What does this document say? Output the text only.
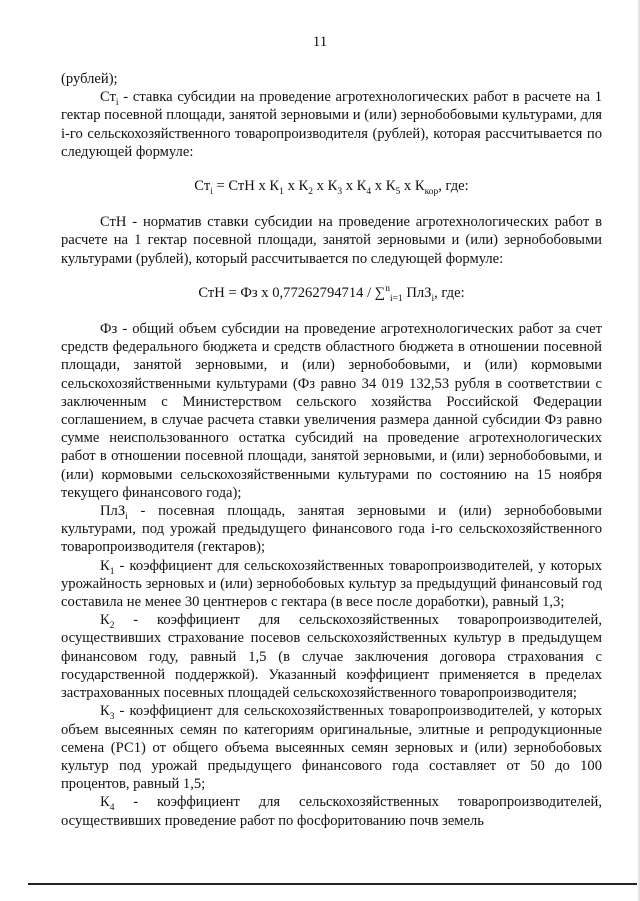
11

(рублей);

$Ст_i$ - ставка субсидии на проведение агротехнологических работ в расчете на 1 гектар посевной площади, занятой зерновыми и (или) зернобобовыми культурами, для i-го сельскохозяйственного товаропроизводителя (рублей), которая рассчитывается по следующей формуле:

$Ст_i$ = СтН х $К_1$ х $К_2$ х $К_3$ х $К_4$ х $К_5$ х $К_{кор}$, где:

СтН - норматив ставки субсидии на проведение агротехнологических работ в расчете на 1 гектар посевной площади, занятой зерновыми и (или) зернобобовыми культурами (рублей), который рассчитывается по следующей формуле:

СтН = Фз х 0,77262794714 / ∑$^n_{i=1}$ ПлЗ$_i$, где:

Фз - общий объем субсидии на проведение агротехнологических работ за счет средств федерального бюджета и средств областного бюджета в отношении посевной площади, занятой зерновыми, и (или) зернобобовыми, и (или) кормовыми сельскохозяйственными культурами (Фз равно 34 019 132,53 рубля в соответствии с заключенным с Министерством сельского хозяйства Российской Федерации соглашением, в случае расчета ставки увеличения размера данной субсидии Фз равно сумме неиспользованного остатка субсидий на проведение агротехнологических работ в отношении посевной площади, занятой зерновыми, и (или) зернобобовыми, и (или) кормовыми сельскохозяйственными культурами по состоянию на 15 ноября текущего финансового года);

ПлЗ$_i$ - посевная площадь, занятая зерновыми и (или) зернобобовыми культурами, под урожай предыдущего финансового года i-го сельскохозяйственного товаропроизводителя (гектаров);

$К_1$ - коэффициент для сельскохозяйственных товаропроизводителей, у которых урожайность зерновых и (или) зернобобовых культур за предыдущий финансовый год составила не менее 30 центнеров с гектара (в весе после доработки), равный 1,3;

$К_2$ - коэффициент для сельскохозяйственных товаропроизводителей, осуществивших страхование посевов сельскохозяйственных культур в предыдущем финансовом году, равный 1,5 (в случае заключения договора страхования с государственной поддержкой). Указанный коэффициент применяется в пределах застрахованных посевных площадей сельскохозяйственного товаропроизводителя;

$К_3$ - коэффициент для сельскохозяйственных товаропроизводителей, у которых объем высеянных семян по категориям оригинальные, элитные и репродукционные семена (РС1) от общего объема высеянных семян зерновых и (или) зернобобовых культур под урожай предыдущего финансового года составляет от 50 до 100 процентов, равный 1,5;

$К_4$ - коэффициент для сельскохозяйственных товаропроизводителей, осуществивших проведение работ по фосфоритованию почв земель
